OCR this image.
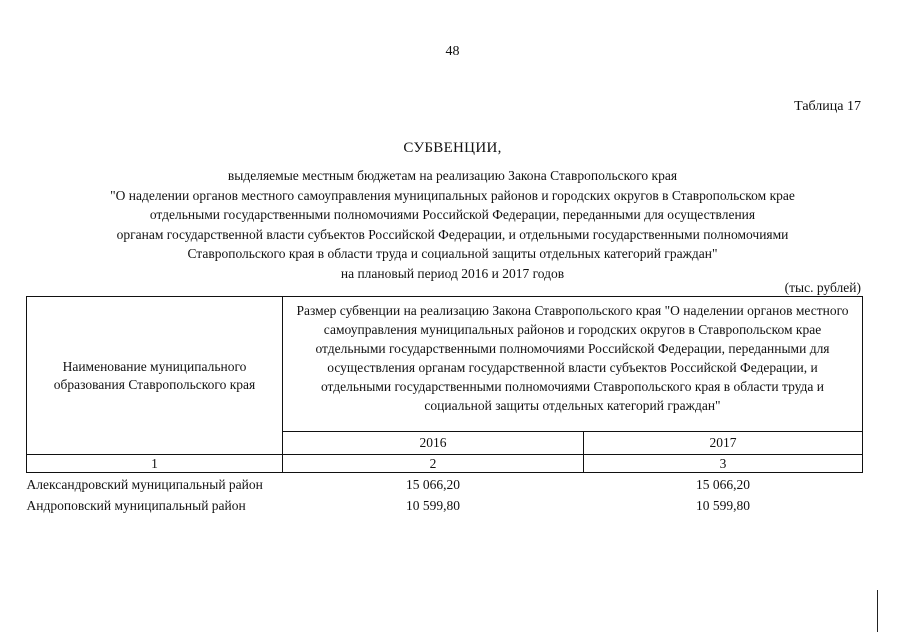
48
Таблица 17
СУБВЕНЦИИ,
выделяемые местным бюджетам на реализацию Закона Ставропольского края
"О наделении органов местного самоуправления муниципальных районов и городских округов в Ставропольском крае
отдельными государственными полномочиями Российской Федерации, переданными для осуществления
органам государственной власти субъектов Российской Федерации, и отдельными государственными полномочиями
Ставропольского края в области труда и социальной защиты отдельных категорий граждан"
на плановый период 2016 и 2017 годов
(тыс. рублей)
Наименование муниципального образования Ставропольского края	Размер субвенции на реализацию Закона Ставропольского края "О наделении органов местного самоуправления муниципальных районов и городских округов в Ставропольском крае отдельными государственными полномочиями Российской Федерации, переданными для осуществления органам государственной власти субъектов Российской Федерации, и отдельными государственными полномочиями Ставропольского края в области труда и социальной защиты отдельных категорий граждан"	
	2016	2017
1	2	3
Александровский муниципальный район	15 066,20	15 066,20
Андроповский муниципальный район	10 599,80	10 599,80
